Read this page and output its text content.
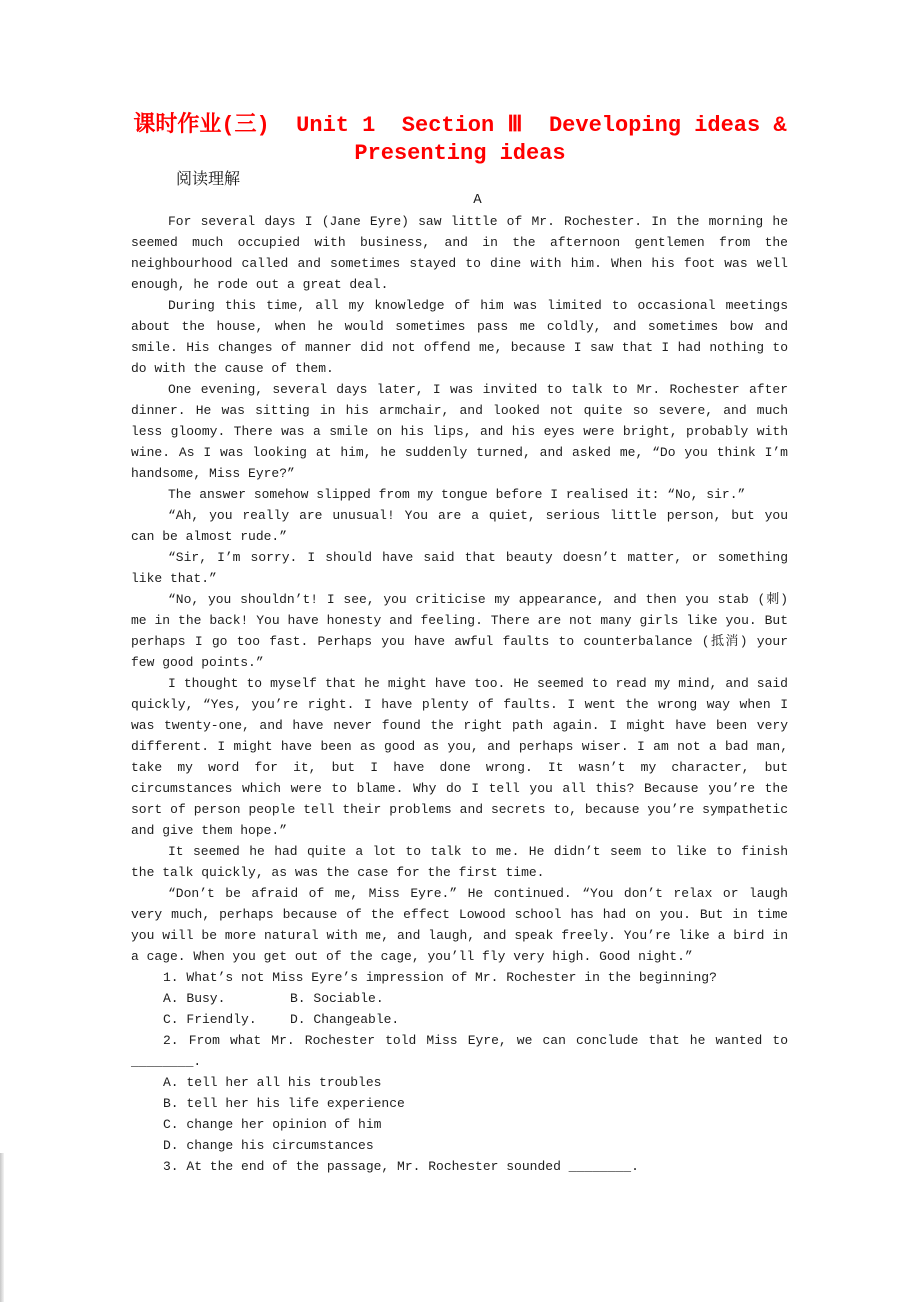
课时作业(三)  Unit 1  Section Ⅲ  Developing ideas &
Presenting ideas
阅读理解
A

For several days I (Jane Eyre) saw little of Mr. Rochester. In the morning he seemed much occupied with business, and in the afternoon gentlemen from the neighbourhood called and sometimes stayed to dine with him. When his foot was well enough, he rode out a great deal.

During this time, all my knowledge of him was limited to occasional meetings about the house, when he would sometimes pass me coldly, and sometimes bow and smile. His changes of manner did not offend me, because I saw that I had nothing to do with the cause of them.

One evening, several days later, I was invited to talk to Mr. Rochester after dinner. He was sitting in his armchair, and looked not quite so severe, and much less gloomy. There was a smile on his lips, and his eyes were bright, probably with wine. As I was looking at him, he suddenly turned, and asked me, “Do you think I’m handsome, Miss Eyre?”

The answer somehow slipped from my tongue before I realised it: “No, sir.”

“Ah, you really are unusual! You are a quiet, serious little person, but you can be almost rude.”

“Sir, I’m sorry. I should have said that beauty doesn’t matter, or something like that.”

“No, you shouldn’t! I see, you criticise my appearance, and then you stab (刺) me in the back! You have honesty and feeling. There are not many girls like you. But perhaps I go too fast. Perhaps you have awful faults to counterbalance (抵消) your few good points.”

I thought to myself that he might have too. He seemed to read my mind, and said quickly, “Yes, you’re right. I have plenty of faults. I went the wrong way when I was twenty-one, and have never found the right path again. I might have been very different. I might have been as good as you, and perhaps wiser. I am not a bad man, take my word for it, but I have done wrong. It wasn’t my character, but circumstances which were to blame. Why do I tell you all this? Because you’re the sort of person people tell their problems and secrets to, because you’re sympathetic and give them hope.”

It seemed he had quite a lot to talk to me. He didn’t seem to like to finish the talk quickly, as was the case for the first time.

“Don’t be afraid of me, Miss Eyre.” He continued. “You don’t relax or laugh very much, perhaps because of the effect Lowood school has had on you. But in time you will be more natural with me, and laugh, and speak freely. You’re like a bird in a cage. When you get out of the cage, you’ll fly very high. Good night.”

1. What’s not Miss Eyre’s impression of Mr. Rochester in the beginning?

A. Busy.	B. Sociable.

C. Friendly.	D. Changeable.

2. From what Mr. Rochester told Miss Eyre, we can conclude that he wanted to ________.

A. tell her all his troubles

B. tell her his life experience

C. change her opinion of him

D. change his circumstances

3. At the end of the passage, Mr. Rochester sounded ________.
